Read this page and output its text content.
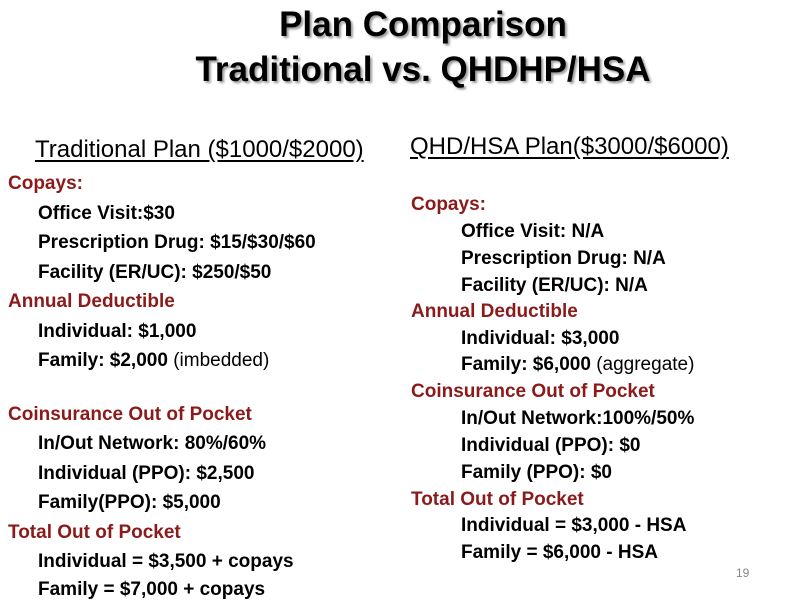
Plan Comparison
Traditional vs. QHDHP/HSA
Traditional Plan ($1000/$2000)
Copays:
Office Visit:$30
Prescription Drug: $15/$30/$60
Facility (ER/UC): $250/$50
Annual Deductible
Individual: $1,000
Family: $2,000 (imbedded)
Coinsurance Out of Pocket
In/Out Network: 80%/60%
Individual (PPO): $2,500
Family(PPO): $5,000
Total Out of Pocket
Individual = $3,500 + copays
Family = $7,000 + copays
QHD/HSA Plan($3000/$6000)
Copays:
Office Visit: N/A
Prescription Drug: N/A
Facility (ER/UC): N/A
Annual Deductible
Individual: $3,000
Family: $6,000 (aggregate)
Coinsurance Out of Pocket
In/Out Network:100%/50%
Individual (PPO): $0
Family (PPO): $0
Total Out of Pocket
Individual = $3,000 - HSA
Family = $6,000 - HSA
19
